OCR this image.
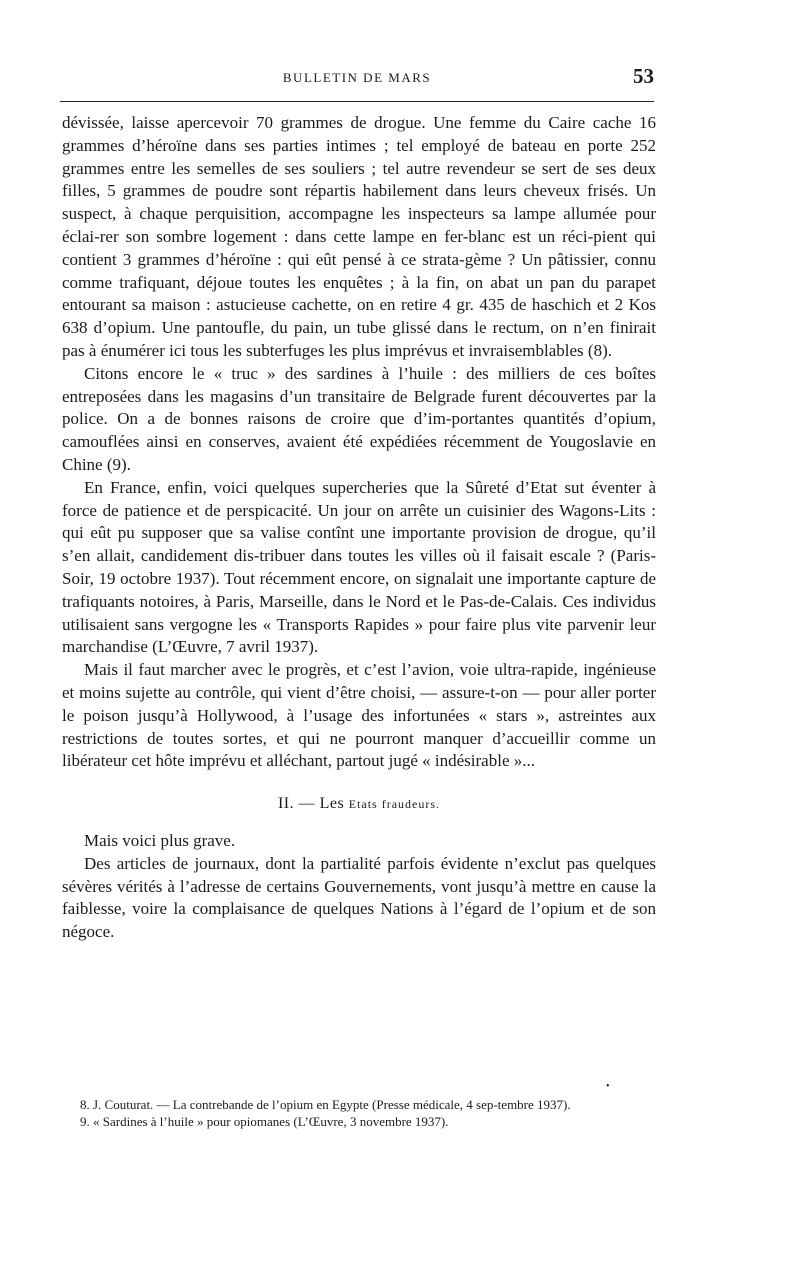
BULLETIN DE MARS	53

dévissée, laisse apercevoir 70 grammes de drogue. Une femme du Caire cache 16 grammes d’héroïne dans ses parties intimes ; tel employé de bateau en porte 252 grammes entre les semelles de ses souliers ; tel autre revendeur se sert de ses deux filles, 5 grammes de poudre sont répartis habilement dans leurs cheveux frisés. Un suspect, à chaque perquisition, accompagne les inspecteurs sa lampe allumée pour éclai-rer son sombre logement : dans cette lampe en fer-blanc est un réci-pient qui contient 3 grammes d’héroïne : qui eût pensé à ce strata-gème ? Un pâtissier, connu comme trafiquant, déjoue toutes les enquêtes ; à la fin, on abat un pan du parapet entourant sa maison : astucieuse cachette, on en retire 4 gr. 435 de haschich et 2 Kos 638 d’opium. Une pantoufle, du pain, un tube glissé dans le rectum, on n’en finirait pas à énumérer ici tous les subterfuges les plus imprévus et invraisemblables (8).

Citons encore le « truc » des sardines à l’huile : des milliers de ces boîtes entreposées dans les magasins d’un transitaire de Belgrade furent découvertes par la police. On a de bonnes raisons de croire que d’im-portantes quantités d’opium, camouflées ainsi en conserves, avaient été expédiées récemment de Yougoslavie en Chine (9).

En France, enfin, voici quelques supercheries que la Sûreté d’Etat sut éventer à force de patience et de perspicacité. Un jour on arrête un cuisinier des Wagons-Lits : qui eût pu supposer que sa valise contînt une importante provision de drogue, qu’il s’en allait, candidement dis-tribuer dans toutes les villes où il faisait escale ? (Paris-Soir, 19 octobre 1937). Tout récemment encore, on signalait une importante capture de trafiquants notoires, à Paris, Marseille, dans le Nord et le Pas-de-Calais. Ces individus utilisaient sans vergogne les « Transports Rapides » pour faire plus vite parvenir leur marchandise (L’Œuvre, 7 avril 1937).

Mais il faut marcher avec le progrès, et c’est l’avion, voie ultra-rapide, ingénieuse et moins sujette au contrôle, qui vient d’être choisi, — assure-t-on — pour aller porter le poison jusqu’à Hollywood, à l’usage des infortunées « stars », astreintes aux restrictions de toutes sortes, et qui ne pourront manquer d’accueillir comme un libérateur cet hôte imprévu et alléchant, partout jugé « indésirable »...

II. — Les Etats fraudeurs.

Mais voici plus grave.

Des articles de journaux, dont la partialité parfois évidente n’exclut pas quelques sévères vérités à l’adresse de certains Gouvernements, vont jusqu’à mettre en cause la faiblesse, voire la complaisance de quelques Nations à l’égard de l’opium et de son négoce.

•

8. J. Couturat. — La contrebande de l’opium en Egypte (Presse médicale, 4 sep-tembre 1937).

9. « Sardines à l’huile » pour opiomanes (L’Œuvre, 3 novembre 1937).
